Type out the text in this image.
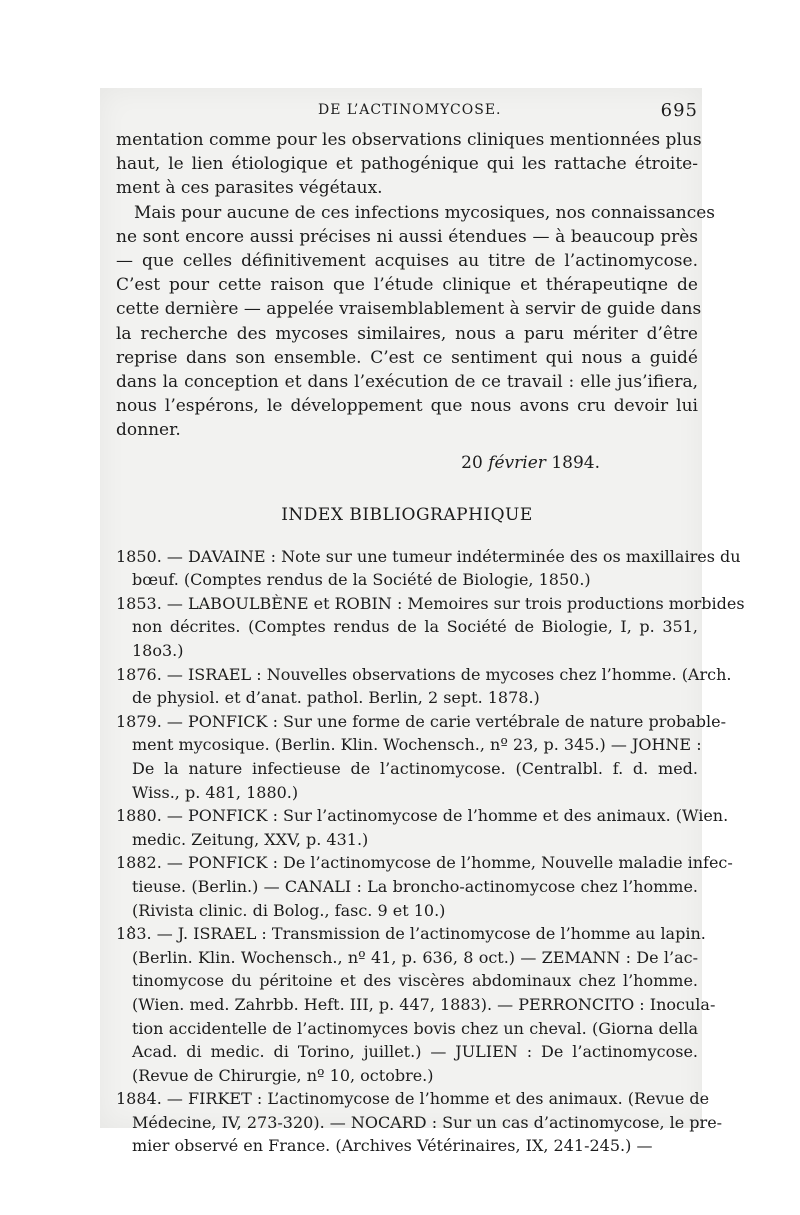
DE L’ACTINOMYCOSE.	695

mentation comme pour les observations cliniques mentionnées plus
haut, le lien étiologique et pathogénique qui les rattache étroite-
ment à ces parasites végétaux.

Mais pour aucune de ces infections mycosiques, nos connaissances
ne sont encore aussi précises ni aussi étendues — à beaucoup près
— que celles définitivement acquises au titre de l’actinomycose.
C’est pour cette raison que l’étude clinique et thérapeutiqne de
cette dernière — appelée vraisemblablement à servir de guide dans
la recherche des mycoses similaires, nous a paru mériter d’être
reprise dans son ensemble. C’est ce sentiment qui nous a guidé
dans la conception et dans l’exécution de ce travail : elle jus’ifiera,
nous l’espérons, le développement que nous avons cru devoir lui
donner.

20 février 1894.
INDEX BIBLIOGRAPHIQUE
1850. — DAVAINE : Note sur une tumeur indéterminée des os maxillaires du
bœuf. (Comptes rendus de la Société de Biologie, 1850.)
1853. — LABOULBÈNE et ROBIN : Memoires sur trois productions morbides
non décrites. (Comptes rendus de la Société de Biologie, I, p. 351,
18o3.)
1876. — ISRAEL : Nouvelles observations de mycoses chez l’homme. (Arch.
de physiol. et d’anat. pathol. Berlin, 2 sept. 1878.)
1879. — PONFICK : Sur une forme de carie vertébrale de nature probable-
ment mycosique. (Berlin. Klin. Wochensch., nº 23, p. 345.) — JOHNE :
De la nature infectieuse de l’actinomycose. (Centralbl. f. d. med.
Wiss., p. 481, 1880.)
1880. — PONFICK : Sur l’actinomycose de l’homme et des animaux. (Wien.
medic. Zeitung, XXV, p. 431.)
1882. — PONFICK : De l’actinomycose de l’homme, Nouvelle maladie infec-
tieuse. (Berlin.) — CANALI : La broncho-actinomycose chez l’homme.
(Rivista clinic. di Bolog., fasc. 9 et 10.)
18̀3. — J. ISRAEL : Transmission de l’actinomycose de l’homme au lapin.
(Berlin. Klin. Wochensch., nº 41, p. 636, 8 oct.) — ZEMANN : De l’ac-
tinomycose du péritoine et des viscères abdominaux chez l’homme.
(Wien. med. Zahrbb. Heft. III, p. 447, 1883). — PERRONCITO : Inocula-
tion accidentelle de l’actinomyces bovis chez un cheval. (Giorna della
Acad. di medic. di Torino, juillet.) — JULIEN : De l’actinomycose.
(Revue de Chirurgie, nº 10, octobre.)
1884. — FIRKET : L’actinomycose de l’homme et des animaux. (Revue de
Médecine, IV, 273-320). — NOCARD : Sur un cas d’actinomycose, le pre-
mier observé en France. (Archives Vétérinaires, IX, 241-245.) —
